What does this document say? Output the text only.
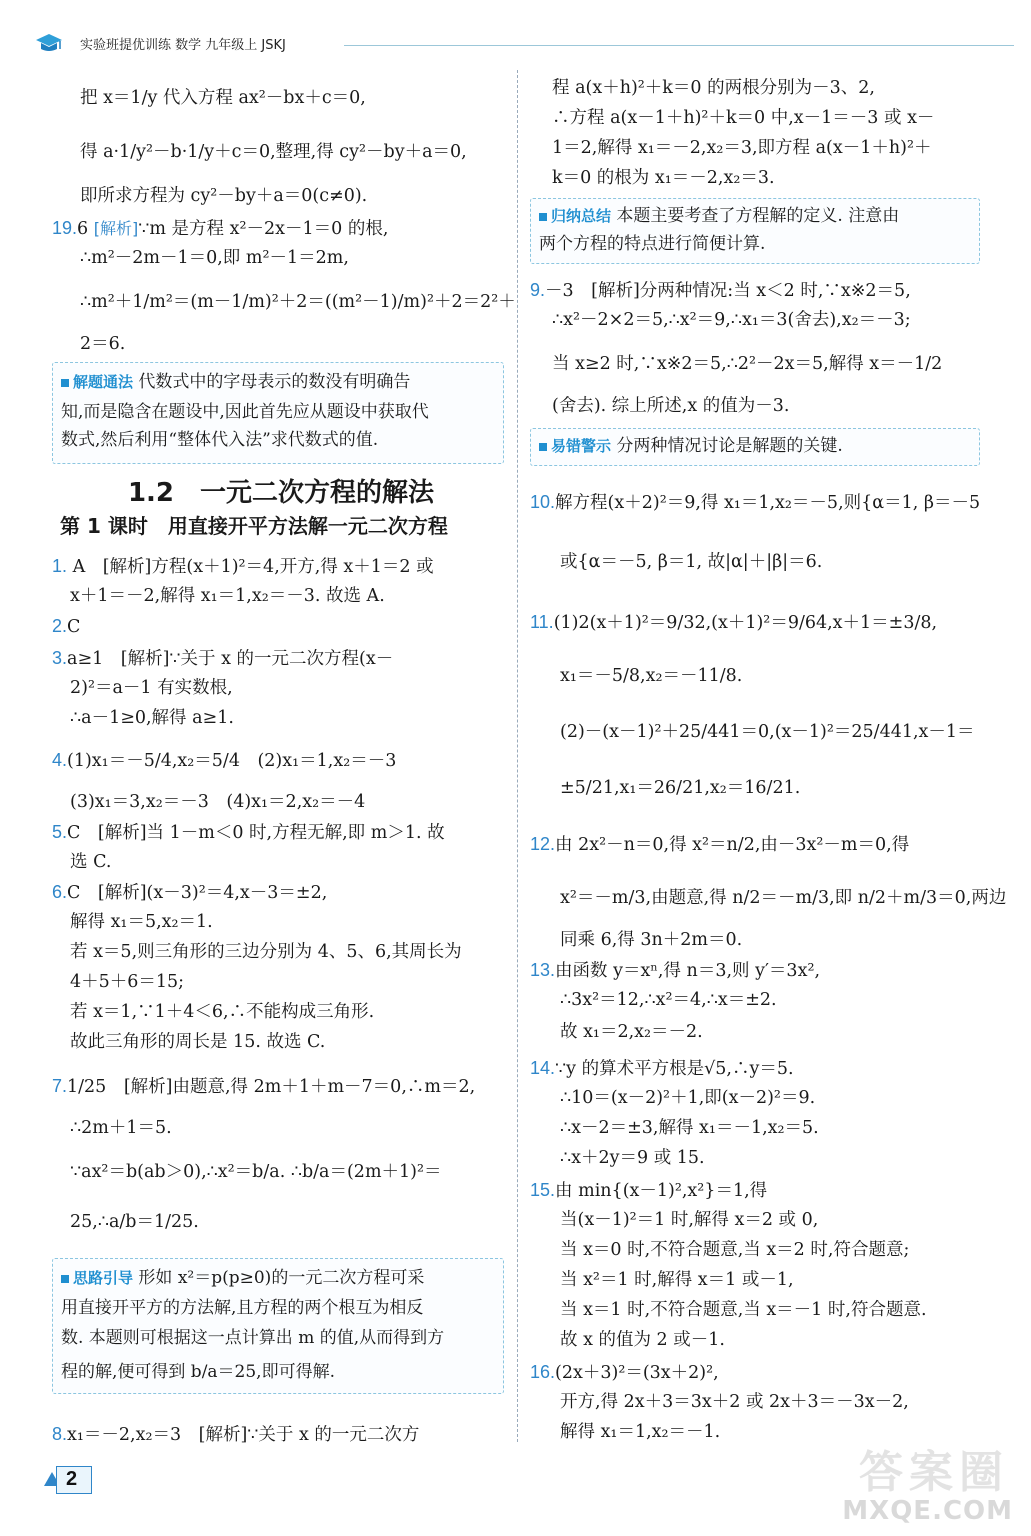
实验班提优训练 数学 九年级上 JSKJ
把 x＝1/y 代入方程 ax²－bx＋c＝0,
得 a·1/y²－b·1/y＋c＝0,整理,得 cy²－by＋a＝0,
即所求方程为 cy²－by＋a＝0(c≠0).
19.6 [解析]∵m 是方程 x²－2x－1＝0 的根,
∴m²－2m－1＝0,即 m²－1＝2m,
∴m²＋1/m²＝(m－1/m)²＋2＝((m²－1)/m)²＋2＝2²＋
2＝6.
解题通法 代数式中的字母表示的数没有明确告
知,而是隐含在题设中,因此首先应从题设中获取代
数式,然后利用“整体代入法”求代数式的值.
1.2　一元二次方程的解法
第 1 课时　用直接开平方法解一元二次方程
1. A　[解析]方程(x＋1)²＝4,开方,得 x＋1＝2 或
x＋1＝－2,解得 x₁＝1,x₂＝－3. 故选 A.
2.C
3.a≥1　[解析]∵关于 x 的一元二次方程(x－
2)²＝a－1 有实数根,
∴a－1≥0,解得 a≥1.
4.(1)x₁＝－5/4,x₂＝5/4　(2)x₁＝1,x₂＝－3
(3)x₁＝3,x₂＝－3　(4)x₁＝2,x₂＝－4
5.C　[解析]当 1－m＜0 时,方程无解,即 m＞1. 故
选 C.
6.C　[解析](x－3)²＝4,x－3＝±2,
解得 x₁＝5,x₂＝1.
若 x＝5,则三角形的三边分别为 4、5、6,其周长为
4＋5＋6＝15;
若 x＝1,∵1＋4＜6,∴不能构成三角形.
故此三角形的周长是 15. 故选 C.
7.1/25　[解析]由题意,得 2m＋1＋m－7＝0,∴m＝2,
∴2m＋1＝5.
∵ax²＝b(ab＞0),∴x²＝b/a. ∴b/a＝(2m＋1)²＝
25,∴a/b＝1/25.
思路引导 形如 x²＝p(p≥0)的一元二次方程可采
用直接开平方的方法解,且方程的两个根互为相反
数. 本题则可根据这一点计算出 m 的值,从而得到方
程的解,便可得到 b/a＝25,即可得解.
8.x₁＝－2,x₂＝3　[解析]∵关于 x 的一元二次方
程 a(x＋h)²＋k＝0 的两根分别为－3、2,
∴方程 a(x－1＋h)²＋k＝0 中,x－1＝－3 或 x－
1＝2,解得 x₁＝－2,x₂＝3,即方程 a(x－1＋h)²＋
k＝0 的根为 x₁＝－2,x₂＝3.
归纳总结 本题主要考查了方程解的定义. 注意由
两个方程的特点进行简便计算.
9.－3　[解析]分两种情况:当 x＜2 时,∵x※2＝5,
∴x²－2×2＝5,∴x²＝9,∴x₁＝3(舍去),x₂＝－3;
当 x≥2 时,∵x※2＝5,∴2²－2x＝5,解得 x＝－1/2
(舍去). 综上所述,x 的值为－3.
易错警示 分两种情况讨论是解题的关键.
10.解方程(x＋2)²＝9,得 x₁＝1,x₂＝－5,则{α＝1, β＝－5
或{α＝－5, β＝1, 故|α|＋|β|＝6.
11.(1)2(x＋1)²＝9/32,(x＋1)²＝9/64,x＋1＝±3/8,
x₁＝－5/8,x₂＝－11/8.
(2)－(x－1)²＋25/441＝0,(x－1)²＝25/441,x－1＝
±5/21,x₁＝26/21,x₂＝16/21.
12.由 2x²－n＝0,得 x²＝n/2,由－3x²－m＝0,得
x²＝－m/3,由题意,得 n/2＝－m/3,即 n/2＋m/3＝0,两边
同乘 6,得 3n＋2m＝0.
13.由函数 y＝xⁿ,得 n＝3,则 y′＝3x²,
∴3x²＝12,∴x²＝4,∴x＝±2.
故 x₁＝2,x₂＝－2.
14.∵y 的算术平方根是√5,∴y＝5.
∴10＝(x－2)²＋1,即(x－2)²＝9.
∴x－2＝±3,解得 x₁＝－1,x₂＝5.
∴x＋2y＝9 或 15.
15.由 min{(x－1)²,x²}＝1,得
当(x－1)²＝1 时,解得 x＝2 或 0,
当 x＝0 时,不符合题意,当 x＝2 时,符合题意;
当 x²＝1 时,解得 x＝1 或－1,
当 x＝1 时,不符合题意,当 x＝－1 时,符合题意.
故 x 的值为 2 或－1.
16.(2x＋3)²＝(3x＋2)²,
开方,得 2x＋3＝3x＋2 或 2x＋3＝－3x－2,
解得 x₁＝1,x₂＝－1.
2	答案圈
MXQE.COM
